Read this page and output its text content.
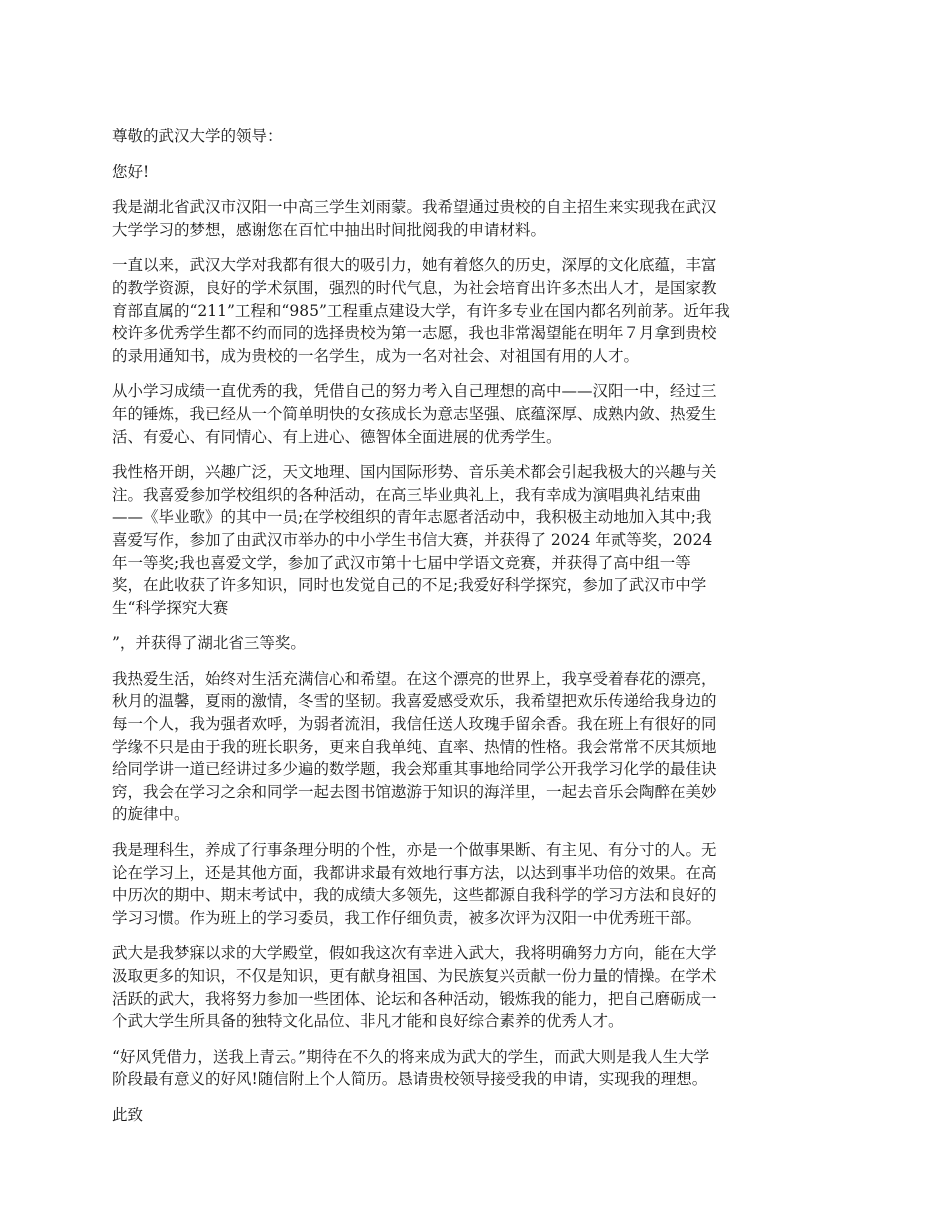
尊敬的武汉大学的领导：

您好!

我是湖北省武汉市汉阳一中高三学生刘雨蒙。我希望通过贵校的自主招生来实现我在武汉
大学学习的梦想，感谢您在百忙中抽出时间批阅我的申请材料。

一直以来，武汉大学对我都有很大的吸引力，她有着悠久的历史，深厚的文化底蕴，丰富
的教学资源，良好的学术氛围，强烈的时代气息，为社会培育出许多杰出人才，是国家教
育部直属的“211”工程和“985”工程重点建设大学，有许多专业在国内都名列前茅。近年我
校许多优秀学生都不约而同的选择贵校为第一志愿，我也非常渴望能在明年７月拿到贵校
的录用通知书，成为贵校的一名学生，成为一名对社会、对祖国有用的人才。

从小学习成绩一直优秀的我，凭借自己的努力考入自己理想的高中——汉阳一中，经过三
年的锤炼，我已经从一个简单明快的女孩成长为意志坚强、底蕴深厚、成熟内敛、热爱生
活、有爱心、有同情心、有上进心、德智体全面进展的优秀学生。

我性格开朗，兴趣广泛，天文地理、国内国际形势、音乐美术都会引起我极大的兴趣与关
注。我喜爱参加学校组织的各种活动，在高三毕业典礼上，我有幸成为演唱典礼结束曲
——《毕业歌》的其中一员;在学校组织的青年志愿者活动中，我积极主动地加入其中;我
喜爱写作，参加了由武汉市举办的中小学生书信大赛，并获得了 2024 年贰等奖，2024
年一等奖;我也喜爱文学，参加了武汉市第十七届中学语文竞赛，并获得了高中组一等
奖，在此收获了许多知识，同时也发觉自己的不足;我爱好科学探究，参加了武汉市中学
生“科学探究大赛

”，并获得了湖北省三等奖。

我热爱生活，始终对生活充满信心和希望。在这个漂亮的世界上，我享受着春花的漂亮，
秋月的温馨，夏雨的激情，冬雪的坚韧。我喜爱感受欢乐，我希望把欢乐传递给我身边的
每一个人，我为强者欢呼，为弱者流泪，我信任送人玫瑰手留余香。我在班上有很好的同
学缘不只是由于我的班长职务，更来自我单纯、直率、热情的性格。我会常常不厌其烦地
给同学讲一道已经讲过多少遍的数学题，我会郑重其事地给同学公开我学习化学的最佳诀
窍，我会在学习之余和同学一起去图书馆遨游于知识的海洋里，一起去音乐会陶醉在美妙
的旋律中。

我是理科生，养成了行事条理分明的个性，亦是一个做事果断、有主见、有分寸的人。无
论在学习上，还是其他方面，我都讲求最有效地行事方法，以达到事半功倍的效果。在高
中历次的期中、期末考试中，我的成绩大多领先，这些都源自我科学的学习方法和良好的
学习习惯。作为班上的学习委员，我工作仔细负责，被多次评为汉阳一中优秀班干部。

武大是我梦寐以求的大学殿堂，假如我这次有幸进入武大，我将明确努力方向，能在大学
汲取更多的知识，不仅是知识，更有献身祖国、为民族复兴贡献一份力量的情操。在学术
活跃的武大，我将努力参加一些团体、论坛和各种活动，锻炼我的能力，把自己磨砺成一
个武大学生所具备的独特文化品位、非凡才能和良好综合素养的优秀人才。

“好风凭借力，送我上青云。”期待在不久的将来成为武大的学生，而武大则是我人生大学
阶段最有意义的好风!随信附上个人简历。恳请贵校领导接受我的申请，实现我的理想。

此致
